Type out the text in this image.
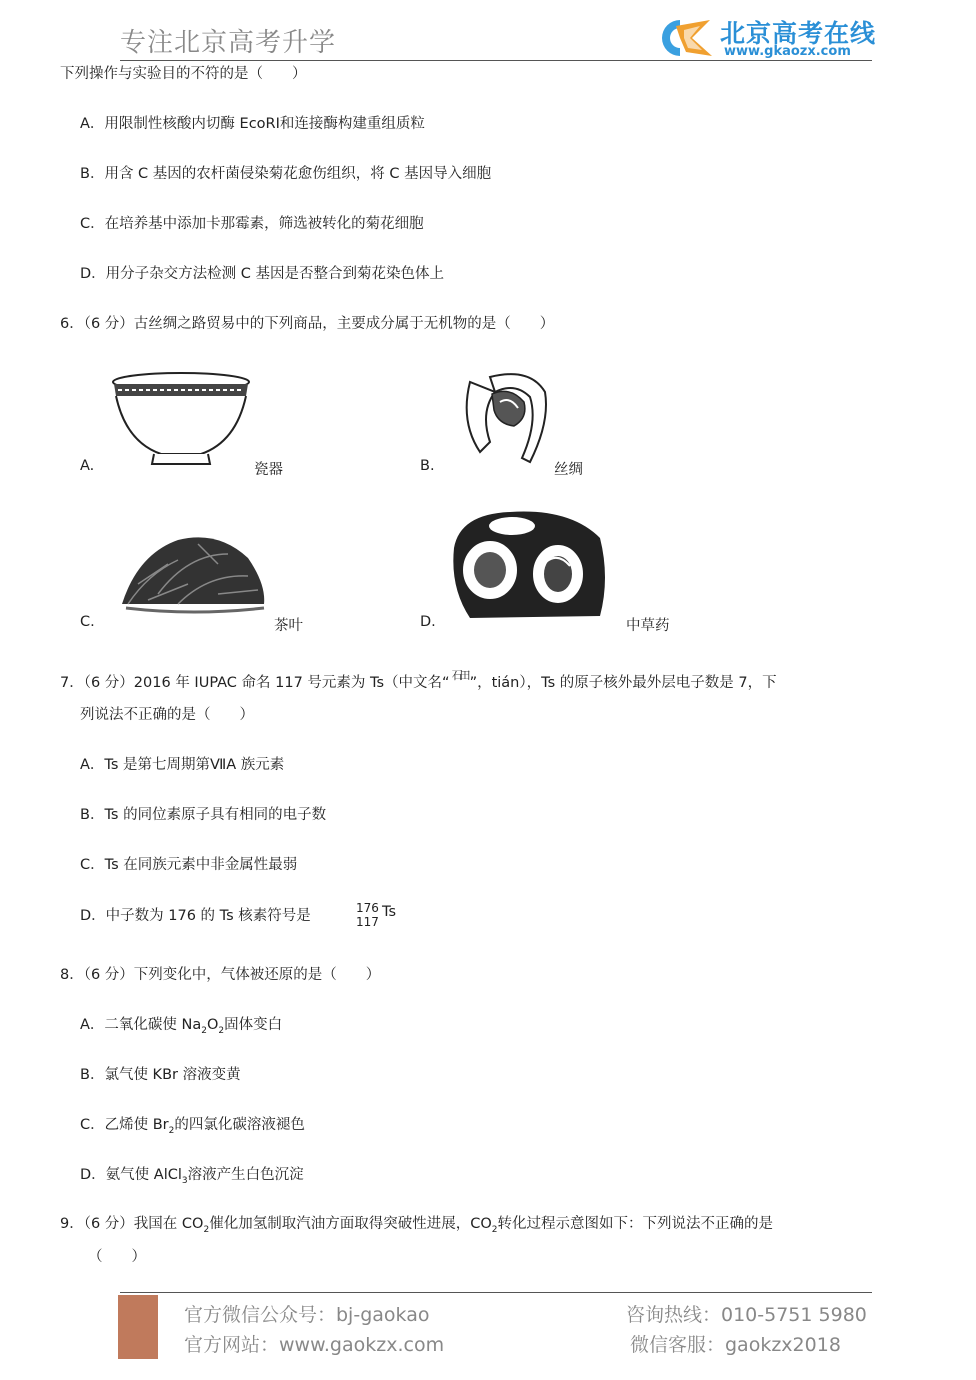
专注北京高考升学	北京高考在线
www.gkaozx.com
下列操作与实验目的不符的是（　　）
A．用限制性核酸内切酶 EcoRⅠ和连接酶构建重组质粒
B．用含 C 基因的农杆菌侵染菊花愈伤组织，将 C 基因导入细胞
C．在培养基中添加卡那霉素，筛选被转化的菊花细胞
D．用分子杂交方法检测 C 基因是否整合到菊花染色体上
6．（6 分）古丝绸之路贸易中的下列商品，主要成分属于无机物的是（　　）
A.	瓷器	B.	丝绸
C.	茶叶	D.	中草药
7．（6 分）2016 年 IUPAC 命名 117 号元素为 Ts（中文名“ 石田 ”，tián），Ts 的原子核外最外层电子数是 7，下
列说法不正确的是（　　）
A．Ts 是第七周期第ⅦA 族元素
B．Ts 的同位素原子具有相同的电子数
C．Ts 在同族元素中非金属性最弱
D．中子数为 176 的 Ts 核素符号是	176
117
Ts
8．（6 分）下列变化中，气体被还原的是（　　）
A．二氧化碳使 $Na_2O_2$固体变白
B．氯气使 KBr 溶液变黄
C．乙烯使 $Br_2$的四氯化碳溶液褪色
D．氨气使 AlCl$_3$溶液产生白色沉淀
9．（6 分）我国在 $CO_2$催化加氢制取汽油方面取得突破性进展，$CO_2$转化过程示意图如下：下列说法不正确的是
（　　）
官方微信公众号：bj-gaokao
官方网站：www.gaokzx.com
咨询热线：010-5751 5980
微信客服：gaokzx2018
